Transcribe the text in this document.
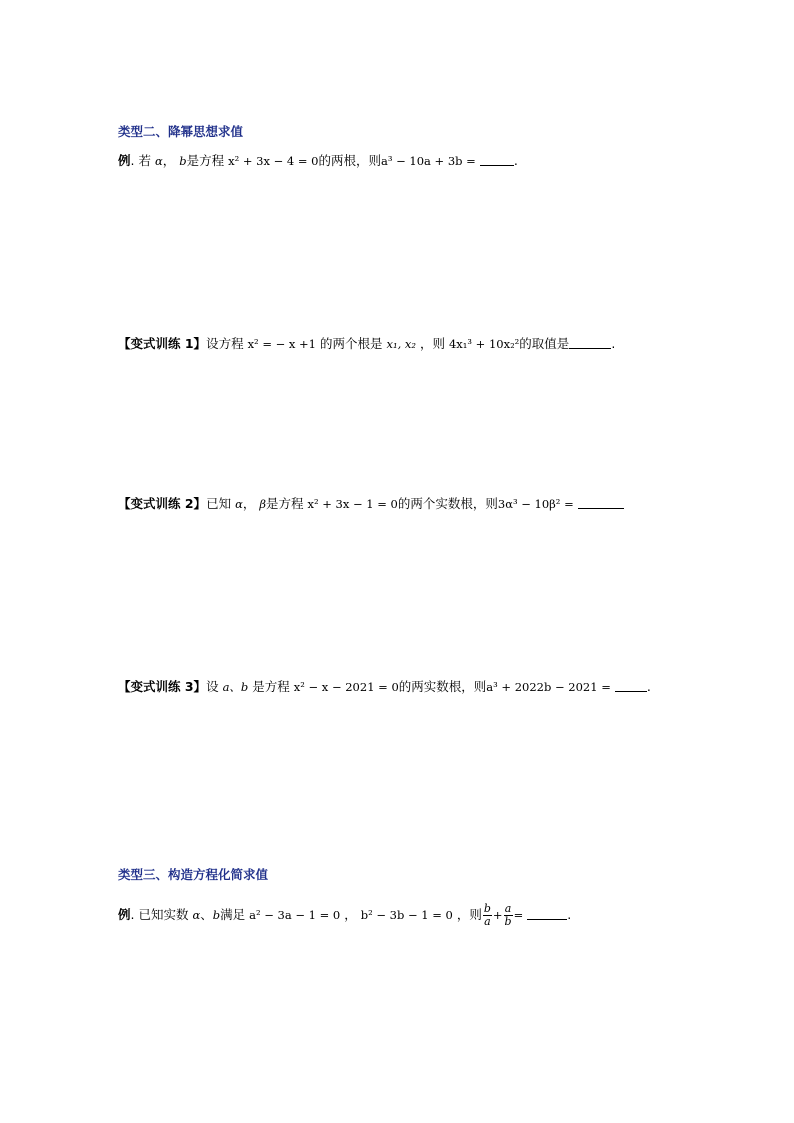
类型二、降幂思想求值
例. 若 α， b是方程 x² + 3x − 4 = 0的两根，则a³ − 10a + 3b =	.
【变式训练 1】设方程 x² = − x +1 的两个根是 x₁, x₂ ，则 4x₁³ + 10x₂²的取值是	.
【变式训练 2】已知 α， β是方程 x² + 3x − 1 = 0的两个实数根，则3α³ − 10β² =
【变式训练 3】设 a、b 是方程 x² − x − 2021 = 0的两实数根，则a³ + 2022b − 2021 =	.
类型三、构造方程化简求值
例. 已知实数 α、b满足 a² − 3a − 1 = 0 ， b² − 3b − 1 = 0 ，则 $\frac{b}{a} + \frac{a}{b}$ =	.
